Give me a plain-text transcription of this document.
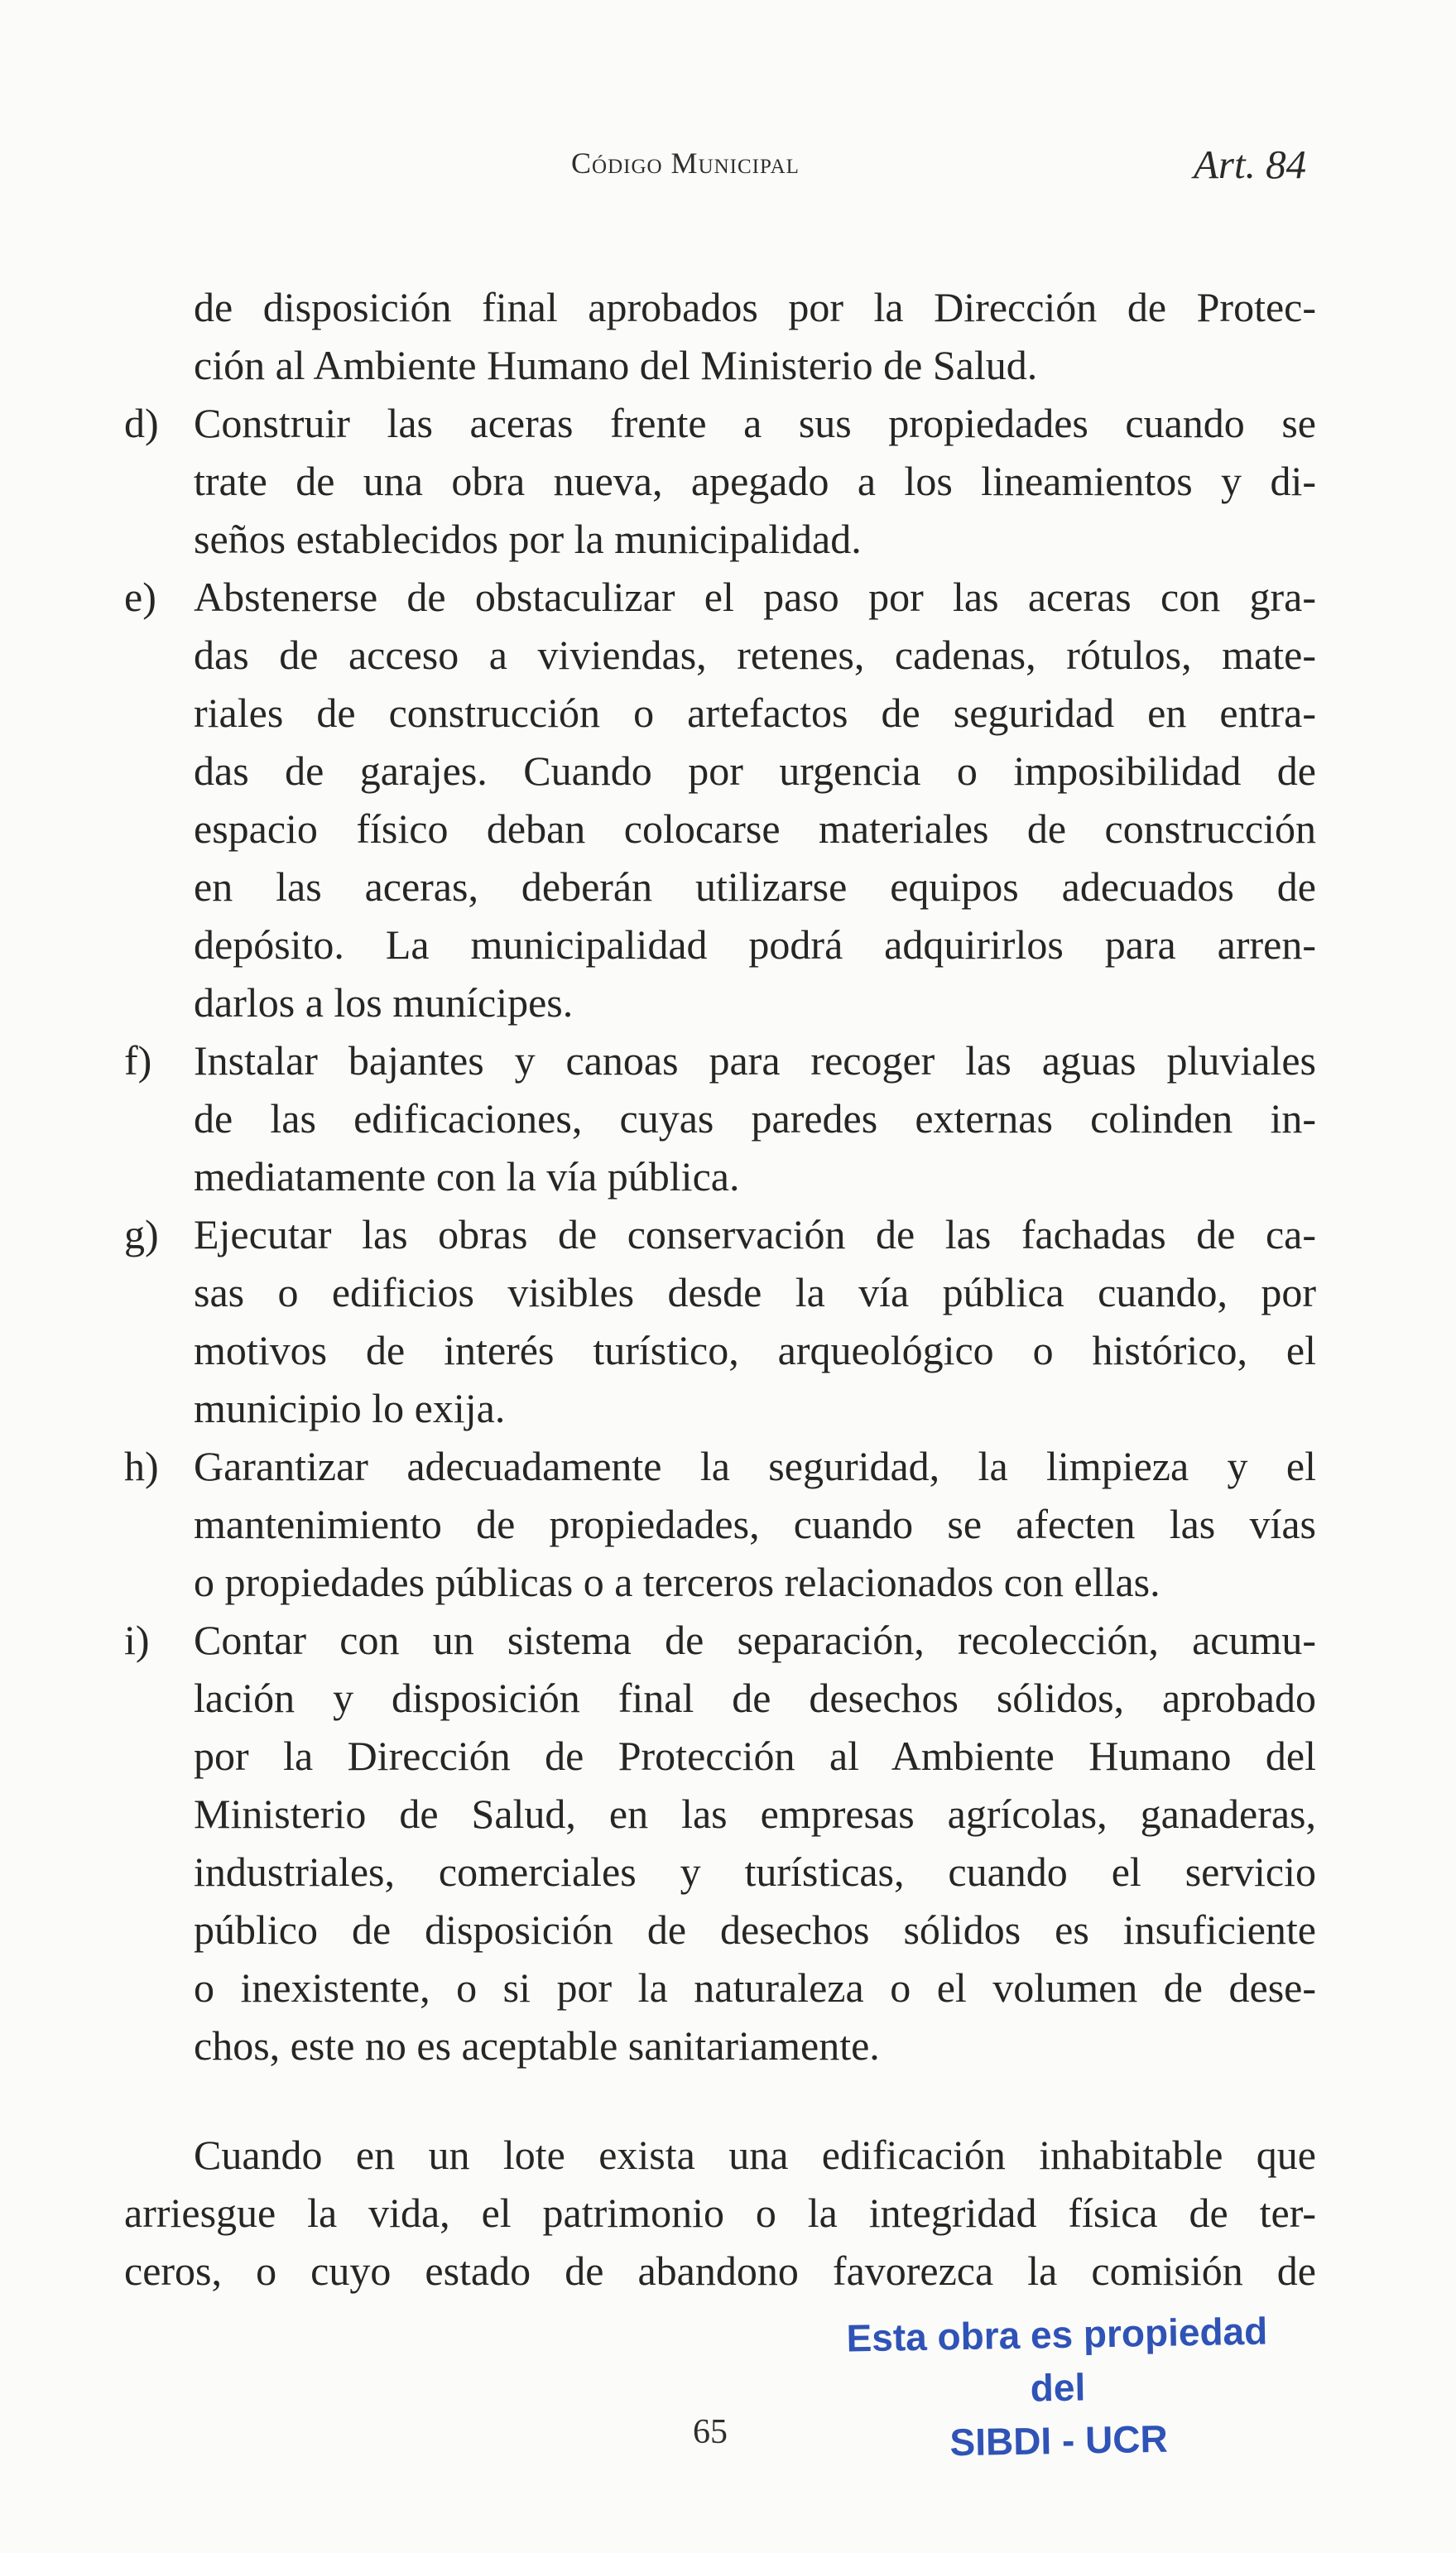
Código Municipal	Art. 84
de disposición final aprobados por la Dirección de Protec-
ción al Ambiente Humano del Ministerio de Salud.
d) Construir las aceras frente a sus propiedades cuando se
trate de una obra nueva, apegado a los lineamientos y di-
seños establecidos por la municipalidad.
e) Abstenerse de obstaculizar el paso por las aceras con gra-
das de acceso a viviendas, retenes, cadenas, rótulos, mate-
riales de construcción o artefactos de seguridad en entra-
das de garajes. Cuando por urgencia o imposibilidad de
espacio físico deban colocarse materiales de construcción
en las aceras, deberán utilizarse equipos adecuados de
depósito. La municipalidad podrá adquirirlos para arren-
darlos a los munícipes.
f) Instalar bajantes y canoas para recoger las aguas pluviales
de las edificaciones, cuyas paredes externas colinden in-
mediatamente con la vía pública.
g) Ejecutar las obras de conservación de las fachadas de ca-
sas o edificios visibles desde la vía pública cuando, por
motivos de interés turístico, arqueológico o histórico, el
municipio lo exija.
h) Garantizar adecuadamente la seguridad, la limpieza y el
mantenimiento de propiedades, cuando se afecten las vías
o propiedades públicas o a terceros relacionados con ellas.
i) Contar con un sistema de separación, recolección, acumu-
lación y disposición final de desechos sólidos, aprobado
por la Dirección de Protección al Ambiente Humano del
Ministerio de Salud, en las empresas agrícolas, ganaderas,
industriales, comerciales y turísticas, cuando el servicio
público de disposición de desechos sólidos es insuficiente
o inexistente, o si por la naturaleza o el volumen de dese-
chos, este no es aceptable sanitariamente.
Cuando en un lote exista una edificación inhabitable que
arriesgue la vida, el patrimonio o la integridad física de ter-
ceros, o cuyo estado de abandono favorezca la comisión de
Esta obra es propiedad del
SIBDI - UCR
65
